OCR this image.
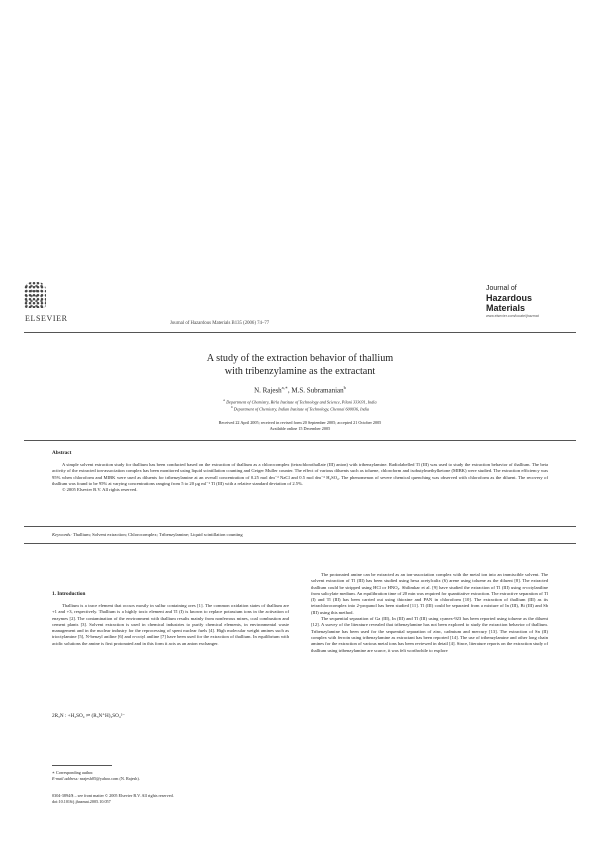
ELSEVIER
Journal of Hazardous Materials B135 (2006) 74–77
Journal of
Hazardous
Materials
www.elsevier.com/locate/jhazmat
A study of the extraction behavior of thallium
with tribenzylamine as the extractant
N. Rajesh$^{a,∗}$, M.S. Subramanian$^b$
$^a$ Department of Chemistry, Birla Institute of Technology and Science, Pilani 333031, India
$^b$ Department of Chemistry, Indian Institute of Technology, Chennai 600036, India
Received 22 April 2005; received in revised form 20 September 2005; accepted 21 October 2005
Available online 15 December 2005
Abstract
A simple solvent extraction study for thallium has been conducted based on the extraction of thallium as a chlorocomplex (tetrachlorothallate (III) anion) with tribenzylamine. Radiolabelled Tl (III) was used to study the extraction behavior of thallium. The beta activity of the extracted ion-association complex has been monitored using liquid scintillation counting and Geiger Muller counter. The effect of various diluents such as toluene, chloroform and isobutylmethylketone (MIBK) were studied. The extraction efficiency was 95% when chloroform and MIBK were used as diluents for tribenzylamine at an overall concentration of 0.25 mol dm⁻³ NaCl and 0.5 mol dm⁻³ H₂SO₄. The phenomenon of severe chemical quenching was observed with chloroform as the diluent. The recovery of thallium was found to be 95% at varying concentrations ranging from 5 to 20 µg ml⁻¹ Tl (III) with a relative standard deviation of 2.5%.
© 2005 Elsevier B.V. All rights reserved.
Keywords: Thallium; Solvent extraction; Chlorocomplex; Tribenzylamine; Liquid scintillation counting
1. Introduction

Thallium is a trace element that occurs mostly in sulfur containing ores [1]. The common oxidation states of thallium are +1 and +3, respectively. Thallium is a highly toxic element and Tl (I) is known to replace potassium ions in the activation of enzymes [2]. The contamination of the environment with thallium results mainly from nonferrous mines, coal combustion and cement plants [3]. Solvent extraction is used in chemical industries to purify chemical elements, in environmental waste management and in the nuclear industry for the reprocessing of spent nuclear fuels [4]. High molecular weight amines such as trioctylamine [5], N-benzyl aniline [6] and n-octyl aniline [7] have been used for the extraction of thallium. In equilibrium with acidic solutions the amine is first protonated and in this form it acts as an anion exchanger.

2R₃N : +H₂SO₄ ⇌ (R₃N⁺H)₂SO₄²⁻
∗ Corresponding author.
E-mail address: nrajesh05@yahoo.com (N. Rajesh).
0304-3894/$ – see front matter © 2005 Elsevier B.V. All rights reserved.
doi:10.1016/j.jhazmat.2005.10.057

The protonated amine can be extracted as an ion-association complex with the metal ion into an immiscible solvent. The solvent extraction of Tl (III) has been studied using hexa acetylcalix (6) arene using toluene as the diluent [8]. The extracted thallium could be stripped using HCl or HNO₃. Shilimkar et al. [9] have studied the extraction of Tl (III) using n-octylaniline from salicylate medium. An equilibration time of 20 min was required for quantitative extraction. The extractive separation of Tl (I) and Tl (III) has been carried out using thioxine and PAN in chloroform [10]. The extraction of thallium (III) as its tetrachlorocomplex into 2-propanol has been studied [11]. Tl (III) could be separated from a mixture of In (III), Bi (III) and Sb (III) using this method.

The sequential separation of Ga (III), In (III) and Tl (III) using cyanex-923 has been reported using toluene as the diluent [12]. A survey of the literature revealed that tribenzylamine has not been explored to study the extraction behavior of thallium. Tribenzylamine has been used for the sequential separation of zinc, cadmium and mercury [13]. The extraction of Sn (II) complex with ferroin using tribenzylamine as extractant has been reported [14]. The use of tribenzylamine and other long chain amines for the extraction of various metal ions has been reviewed in detail [4]. Since, literature reports on the extraction study of thallium using tribenzylamine are scarce, it was felt worthwhile to explore
